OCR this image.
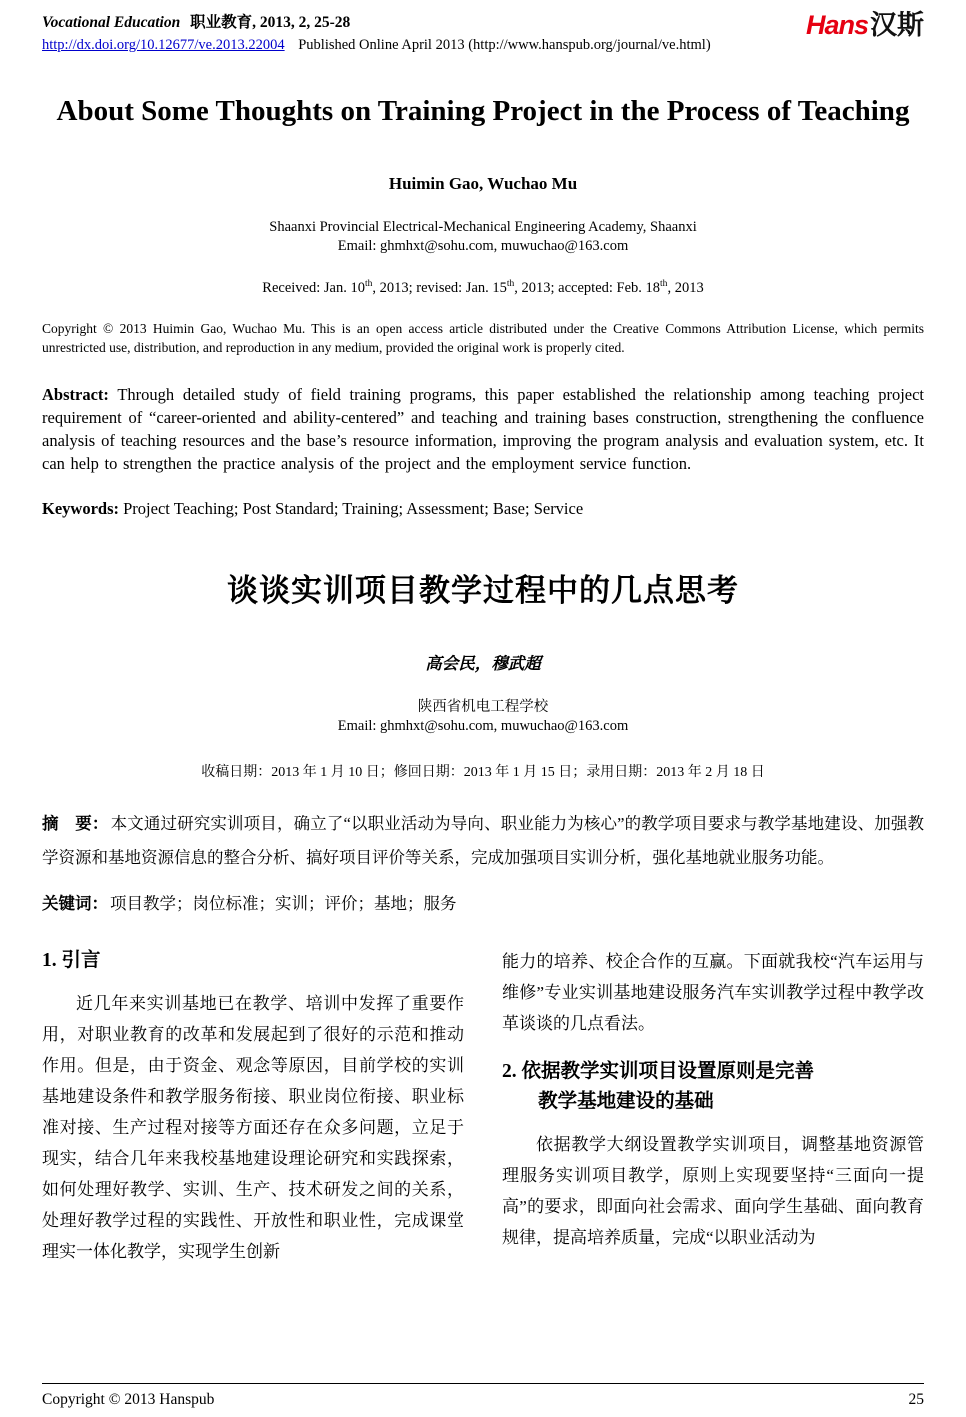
Vocational Education 职业教育, 2013, 2, 25-28
http://dx.doi.org/10.12677/ve.2013.22004 Published Online April 2013 (http://www.hanspub.org/journal/ve.html)
Hans汉斯
About Some Thoughts on Training Project in the Process of Teaching
Huimin Gao, Wuchao Mu
Shaanxi Provincial Electrical-Mechanical Engineering Academy, Shaanxi
Email: ghmhxt@sohu.com, muwuchao@163.com
Received: Jan. 10th, 2013; revised: Jan. 15th, 2013; accepted: Feb. 18th, 2013

Copyright © 2013 Huimin Gao, Wuchao Mu. This is an open access article distributed under the Creative Commons Attribution License, which permits unrestricted use, distribution, and reproduction in any medium, provided the original work is properly cited.

Abstract: Through detailed study of field training programs, this paper established the relationship among teaching project requirement of “career-oriented and ability-centered” and teaching and training bases construction, strengthening the confluence analysis of teaching resources and the base’s resource information, improving the program analysis and evaluation system, etc. It can help to strengthen the practice analysis of the project and the employment service function.

Keywords: Project Teaching; Post Standard; Training; Assessment; Base; Service

谈谈实训项目教学过程中的几点思考
高会民，穆武超
陕西省机电工程学校
Email: ghmhxt@sohu.com, muwuchao@163.com
收稿日期：2013 年 1 月 10 日；修回日期：2013 年 1 月 15 日；录用日期：2013 年 2 月 18 日

摘　要： 本文通过研究实训项目，确立了“以职业活动为导向、职业能力为核心”的教学项目要求与教学基地建设、加强教学资源和基地资源信息的整合分析、搞好项目评价等关系，完成加强项目实训分析，强化基地就业服务功能。

关键词： 项目教学；岗位标准；实训；评价；基地；服务

1. 引言

近几年来实训基地已在教学、培训中发挥了重要作用，对职业教育的改革和发展起到了很好的示范和推动作用。但是，由于资金、观念等原因，目前学校的实训基地建设条件和教学服务衔接、职业岗位衔接、职业标准对接、生产过程对接等方面还存在众多问题，立足于现实，结合几年来我校基地建设理论研究和实践探索，如何处理好教学、实训、生产、技术研发之间的关系，处理好教学过程的实践性、开放性和职业性，完成课堂理实一体化教学，实现学生创新

能力的培养、校企合作的互赢。下面就我校“汽车运用与维修”专业实训基地建设服务汽车实训教学过程中教学改革谈谈的几点看法。

2. 依据教学实训项目设置原则是完善
教学基地建设的基础

依据教学大纲设置教学实训项目，调整基地资源管理服务实训项目教学，原则上实现要坚持“三面向一提高”的要求，即面向社会需求、面向学生基础、面向教育规律，提高培养质量，完成“以职业活动为

Copyright © 2013 Hanspub	25
